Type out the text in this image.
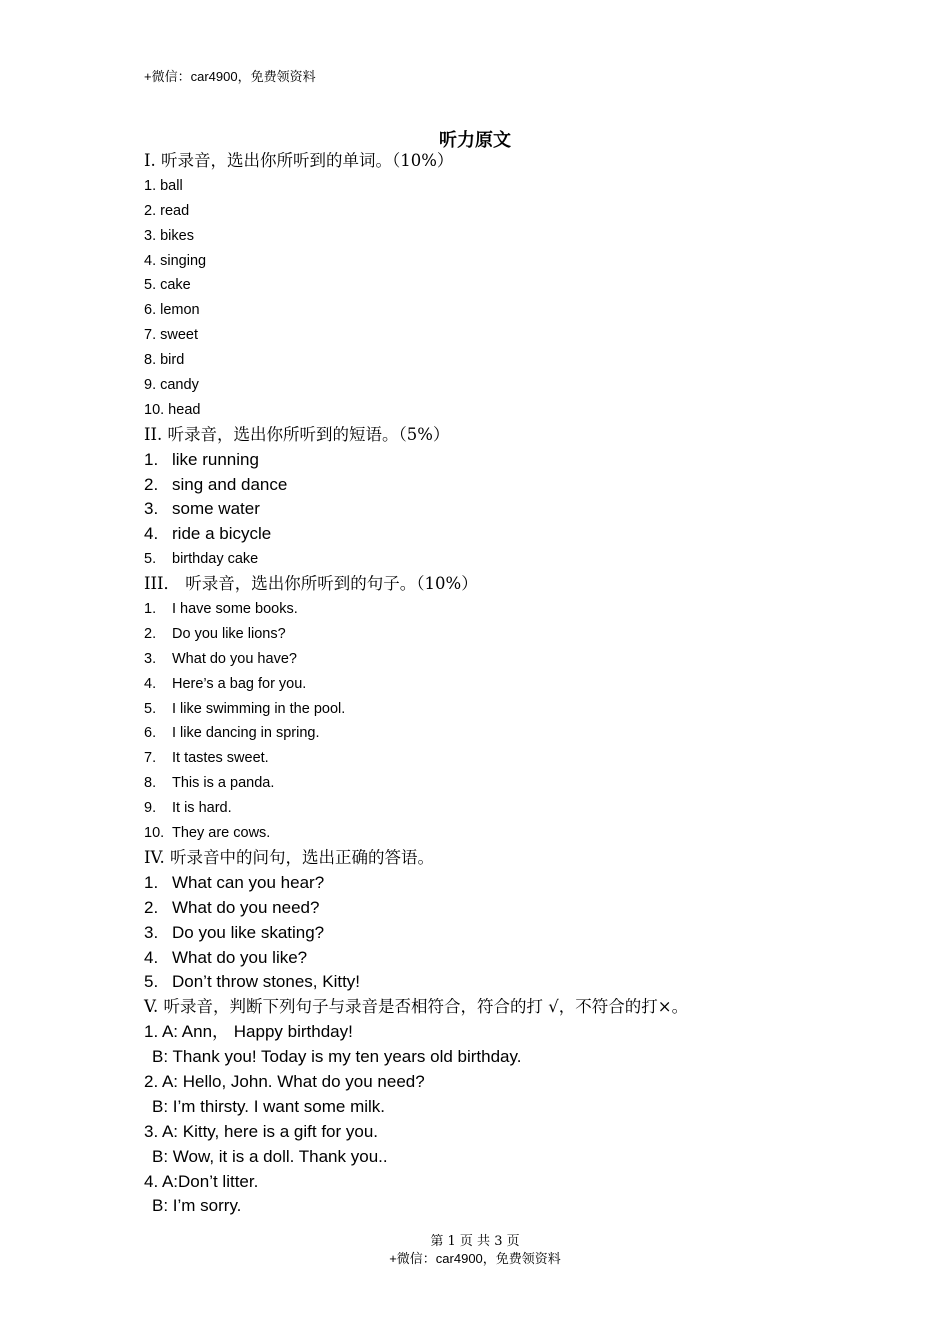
+微信：car4900，免费领资料
听力原文
I. 听录音，选出你所听到的单词。（10%）
1. ball
2. read
3. bikes
4. singing
5. cake
6. lemon
7. sweet
8. bird
9. candy
10. head
II. 听录音，选出你所听到的短语。（5%）
1. like running
2. sing and dance
3. some water
4. ride a bicycle
5. birthday cake
III． 听录音，选出你所听到的句子。（10%）
1. I have some books.
2. Do you like lions?
3. What do you have?
4. Here’s a bag for you.
5. I like swimming in the pool.
6. I like dancing in spring.
7. It tastes sweet.
8. This is a panda.
9. It is hard.
10. They are cows.
IV. 听录音中的问句，选出正确的答语。
1. What can you hear?
2. What do you need?
3. Do you like skating?
4. What do you like?
5. Don’t throw stones, Kitty!
V. 听录音，判断下列句子与录音是否相符合，符合的打 √，不符合的打×。
1. A: Ann， Happy birthday!
B: Thank you! Today is my ten years old birthday.
2. A: Hello, John. What do you need?
B: I’m thirsty. I want some milk.
3. A: Kitty, here is a gift for you.
B: Wow, it is a doll. Thank you..
4. A:Don’t litter.
B: I’m sorry.
第 1 页 共 3 页
+微信：car4900，免费领资料
